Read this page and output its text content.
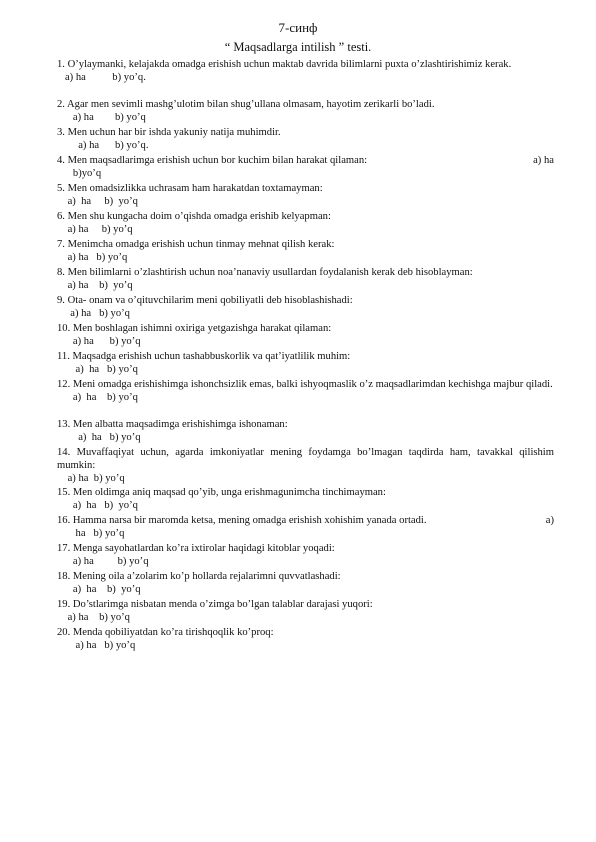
7-синф
“ Maqsadlarga intilish ” testi.
1. O’ylaymanki, kelajakda omadga erishish uchun maktab davrida bilimlarni puxta o’zlashtirishimiz kerak.
a) ha          b) yo’q.
2. Agar men sevimli mashg’ulotim bilan shug’ullana olmasam, hayotim zerikarli bo’ladi.
a) ha        b) yo’q
3. Men uchun har bir ishda yakuniy natija muhimdir.
a) ha      b) yo’q.
4. Men maqsadlarimga erishish uchun bor kuchim bilan harakat qilaman:	a) ha
b)yo’q
5. Men omadsizlikka uchrasam ham harakatdan toxtamayman:
a)  ha     b)  yo’q
6. Men shu kungacha doim o’qishda omadga erishib kelyapman:
a) ha     b) yo’q
7. Menimcha omadga erishish uchun tinmay mehnat qilish kerak:
a) ha   b) yo’q
8. Men bilimlarni o’zlashtirish uchun noa’nanaviy usullardan foydalanish kerak deb hisoblayman:
a) ha    b)  yo’q
9. Ota- onam va o’qituvchilarim meni qobiliyatli deb hisoblashishadi:
a) ha   b) yo’q
10. Men boshlagan ishimni oxiriga yetgazishga harakat qilaman:
a) ha      b) yo’q
11. Maqsadga erishish uchun tashabbuskorlik va qat’iyatlilik muhim:
a)  ha   b) yo’q
12. Meni omadga erishishimga ishonchsizlik emas, balki ishyoqmaslik o’z maqsadlarimdan kechishga majbur qiladi.
a)  ha    b) yo’q
13. Men albatta maqsadimga erishishimga ishonaman:
a)  ha   b) yo’q
14. Muvaffaqiyat uchun, agarda imkoniyatlar mening foydamga bo’lmagan taqdirda ham, tavakkal qilishim mumkin:
a) ha  b) yo’q
15. Men oldimga aniq maqsad qo’yib, unga erishmagunimcha tinchimayman:
a)  ha   b)  yo’q
16. Hamma narsa bir maromda ketsa, mening omadga erishish xohishim yanada ortadi.	a)
ha   b) yo’q
17. Menga sayohatlardan ko’ra ixtirolar haqidagi kitoblar yoqadi:
a) ha         b) yo’q
18. Mening oila a’zolarim ko’p hollarda rejalarimni quvvatlashadi:
a)  ha    b)  yo’q
19. Do’stlarimga nisbatan menda o’zimga bo’lgan talablar darajasi yuqori:
a) ha    b) yo’q
20. Menda qobiliyatdan ko’ra tirishqoqlik ko’proq:
a) ha   b) yo’q
